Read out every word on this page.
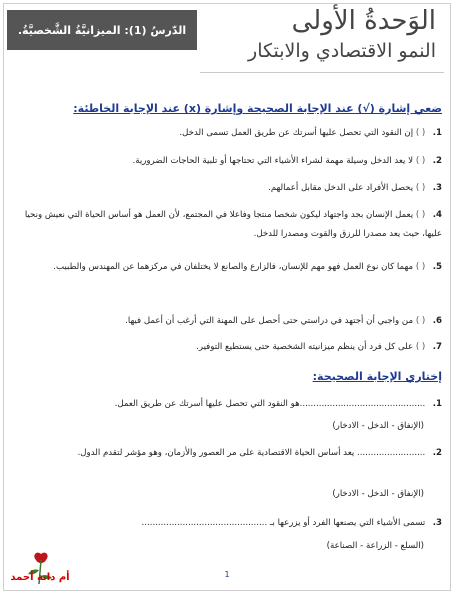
الدّرسُ (1): الميزانيَّةُ الشَّخصيَّةُ.	الوَحدةُ الأولى
النمو الاقتصادي والابتكار
ضعي إشارة (√) عند الإجابة الصحيحة وإشارة (x) عند الإجابة الخاطئة:
1. ( ) إن النقود التي تحصل عليها أسرتك عن طريق العمل تسمى الدخل.
2. ( ) لا يعد الدخل وسيلة مهمة لشراء الأشياء التي تحتاجها أو تلبية الحاجات الضرورية.
3. ( ) يحصل الأفراد على الدخل مقابل أعمالهم.
4. ( ) يعمل الإنسان بجد واجتهاد ليكون شخصا منتجا وفاعلا في المجتمع، لأن العمل هو أساس الحياة التي نعيش ونحيا عليها، حيث يعد مصدرا للرزق والقوت ومصدرا للدخل.
5. ( ) مهما كان نوع العمل فهو مهم للإنسان، فالزارع والصانع لا يختلفان في مركزهما عن المهندس والطبيب.
6. ( ) من واجبي أن أجتهد في دراستي حتى أحصل على المهنة التي أرغب أن أعمل فيها.
7. ( ) على كل فرد أن ينظم ميزانيته الشخصية حتى يستطيع التوفير.
إختاري الإجابة الصحيحة:
1. ..............................................هو النقود التي تحصل عليها أسرتك عن طريق العمل.
(الإنفاق - الدخل - الادخار)
2. ......................... يعد أساس الحياة الاقتصادية على مر العصور والأزمان، وهو مؤشر لتقدم الدول.
(الإنفاق - الدخل - الادخار)
3. تسمى الأشياء التي يصنعها الفرد أو يزرعها بـ ..............................................
(السلع - الزراعة - الصناعة)
1
أم دانة أحمد
